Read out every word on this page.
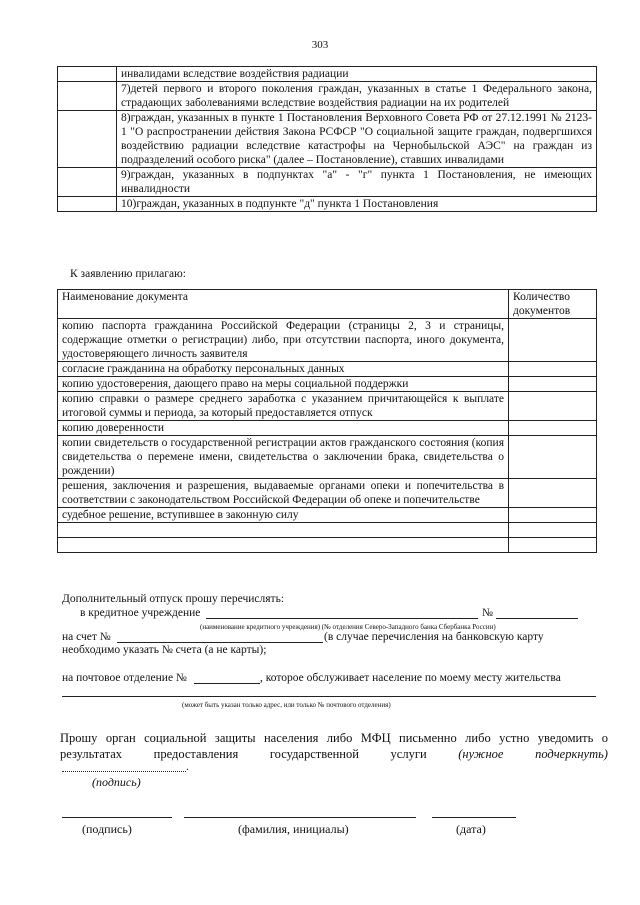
303
	инвалидами вследствие воздействия радиации
	7)детей первого и второго поколения граждан, указанных в статье 1 Федерального закона, страдающих заболеваниями вследствие воздействия радиации на их родителей
	8)граждан, указанных в пункте 1 Постановления Верховного Совета РФ от 27.12.1991 № 2123-1 "О распространении действия Закона РСФСР "О социальной защите граждан, подвергшихся воздействию радиации вследствие катастрофы на Чернобыльской АЭС" на граждан из подразделений особого риска" (далее – Постановление), ставших инвалидами
	9)граждан, указанных в подпунктах "а" - "г" пункта 1 Постановления, не имеющих инвалидности
	10)граждан, указанных в подпункте "д" пункта 1 Постановления
К заявлению прилагаю:
Наименование документа	Количество документов
копию паспорта гражданина Российской Федерации (страницы 2, 3 и страницы, содержащие отметки о регистрации) либо, при отсутствии паспорта, иного документа, удостоверяющего личность заявителя	
согласие гражданина на обработку персональных данных	
копию удостоверения, дающего право на меры социальной поддержки	
копию справки о размере среднего заработка с указанием причитающейся к выплате итоговой суммы и периода, за который предоставляется отпуск	
копию доверенности	
копии свидетельств о государственной регистрации актов гражданского состояния (копия свидетельства о перемене имени, свидетельства о заключении брака, свидетельства о рождении)	
решения, заключения и разрешения, выдаваемые органами опеки и попечительства в соответствии с законодательством Российской Федерации об опеке и попечительстве	
судебное решение, вступившее в законную силу	

Дополнительный отпуск прошу перечислять:
в кредитное учреждение	№
(наименование кредитного учреждения) (№ отделения Северо-Западного банка Сбербанка России)
на счет №	(в случае перечисления на банковскую карту
необходимо указать № счета (а не карты);
на почтовое отделение №	, которое обслуживает население по моему месту жительства
(может быть указан только адрес, или только № почтового отделения)
Прошу орган социальной защиты населения либо МФЦ письменно либо устно уведомить о
результатах	предоставления	государственной	услуги	(нужное	подчеркнуть)
.
(подпись)
(подпись)	(фамилия, инициалы)	(дата)
